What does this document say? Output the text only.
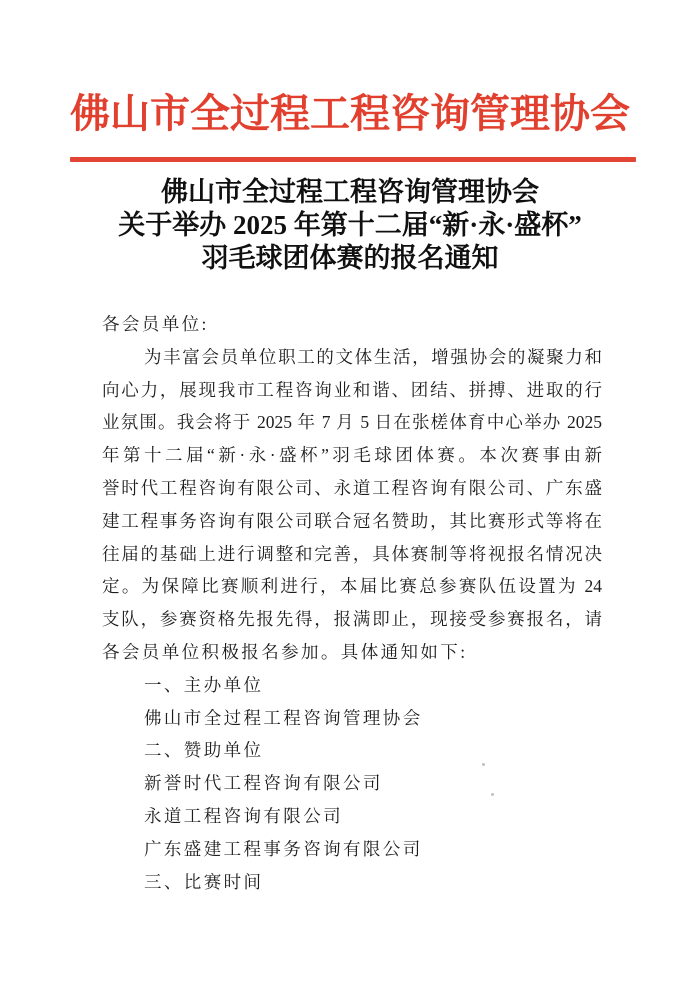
佛山市全过程工程咨询管理协会
佛山市全过程工程咨询管理协会
关于举办 2025 年第十二届“新·永·盛杯”
羽毛球团体赛的报名通知
各会员单位:
为丰富会员单位职工的文体生活，增强协会的凝聚力和
向心力，展现我市工程咨询业和谐、团结、拼搏、进取的行
业氛围。我会将于 2025 年 7 月 5 日在张槎体育中心举办 2025
年第十二届“新·永·盛杯”羽毛球团体赛。本次赛事由新
誉时代工程咨询有限公司、永道工程咨询有限公司、广东盛
建工程事务咨询有限公司联合冠名赞助，其比赛形式等将在
往届的基础上进行调整和完善，具体赛制等将视报名情况决
定。为保障比赛顺利进行，本届比赛总参赛队伍设置为 24
支队，参赛资格先报先得，报满即止，现接受参赛报名，请
各会员单位积极报名参加。具体通知如下:
一、主办单位
佛山市全过程工程咨询管理协会
二、赞助单位
新誉时代工程咨询有限公司
永道工程咨询有限公司
广东盛建工程事务咨询有限公司
三、比赛时间
